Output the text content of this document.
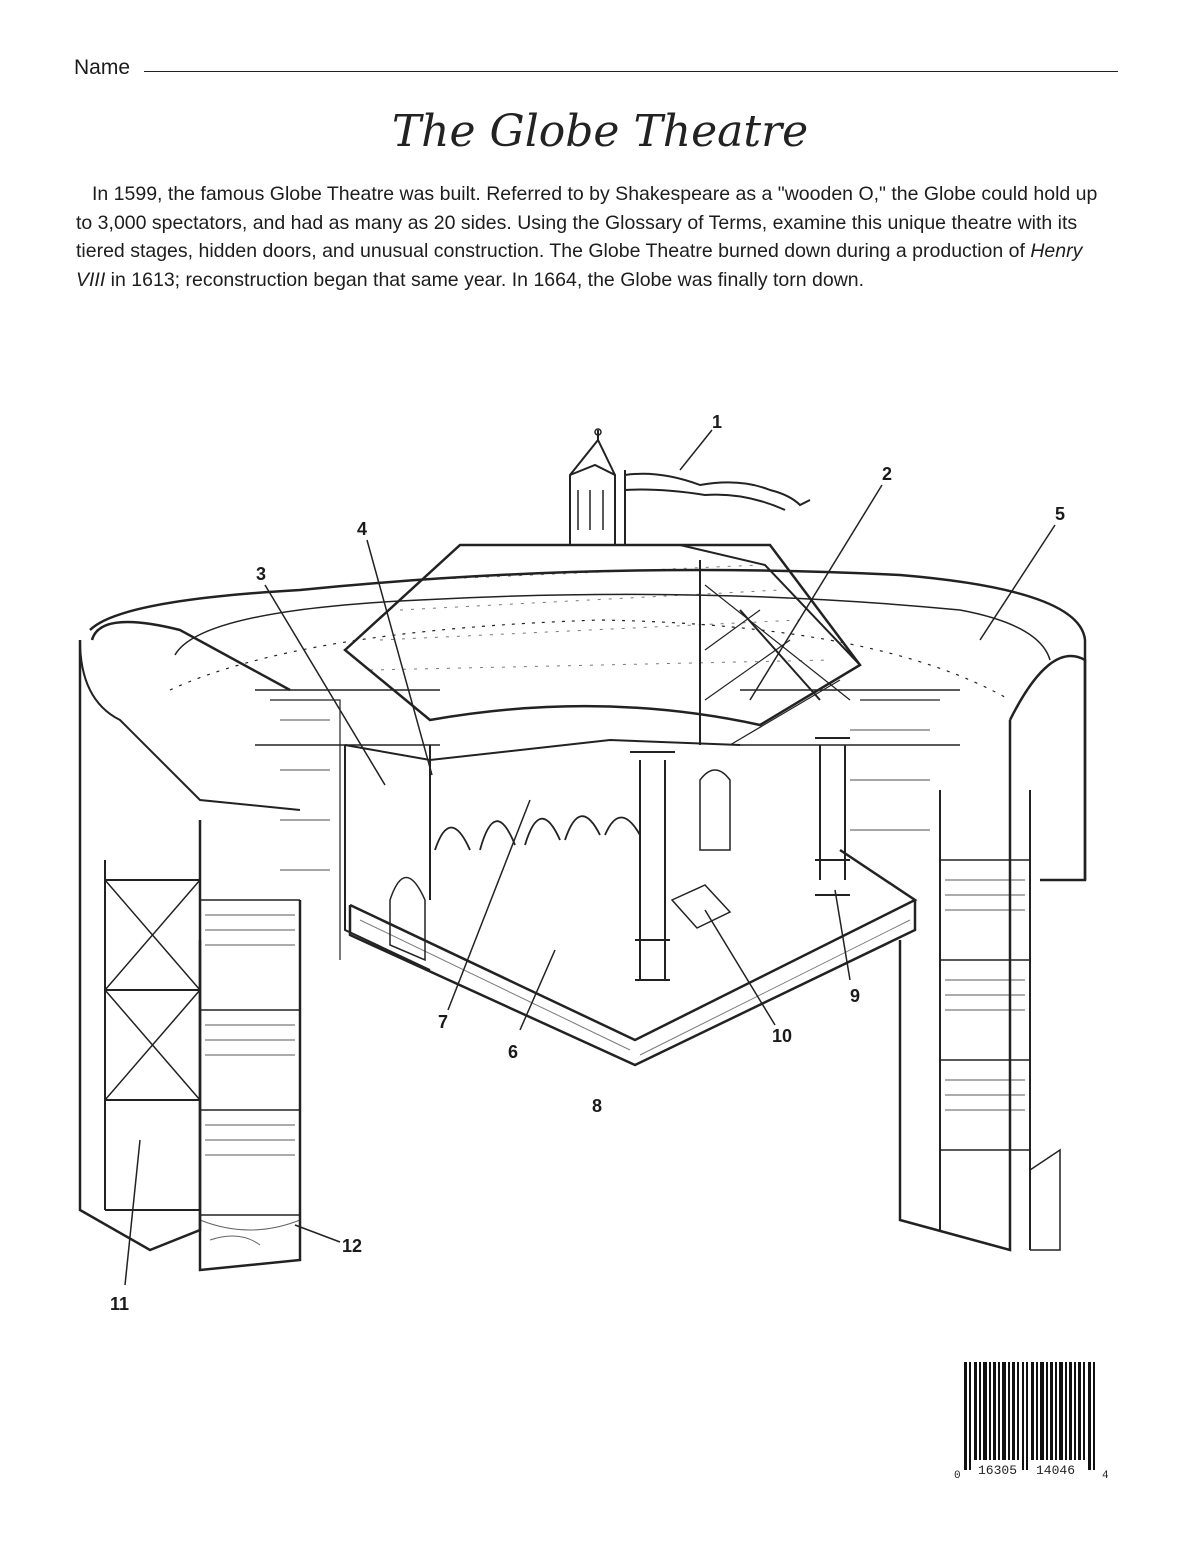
Name
The Globe Theatre

In 1599, the famous Globe Theatre was built. Referred to by Shakespeare as a "wooden O," the Globe could hold up to 3,000 spectators, and had as many as 20 sides. Using the Glossary of Terms, examine this unique theatre with its tiered stages, hidden doors, and unusual construction. The Globe Theatre burned down during a production of Henry VIII in 1613; reconstruction began that same year. In 1664, the Globe was finally torn down.

1
2
3
4
5
6
7
8
9
10
11
12
0 16305 14046 4
